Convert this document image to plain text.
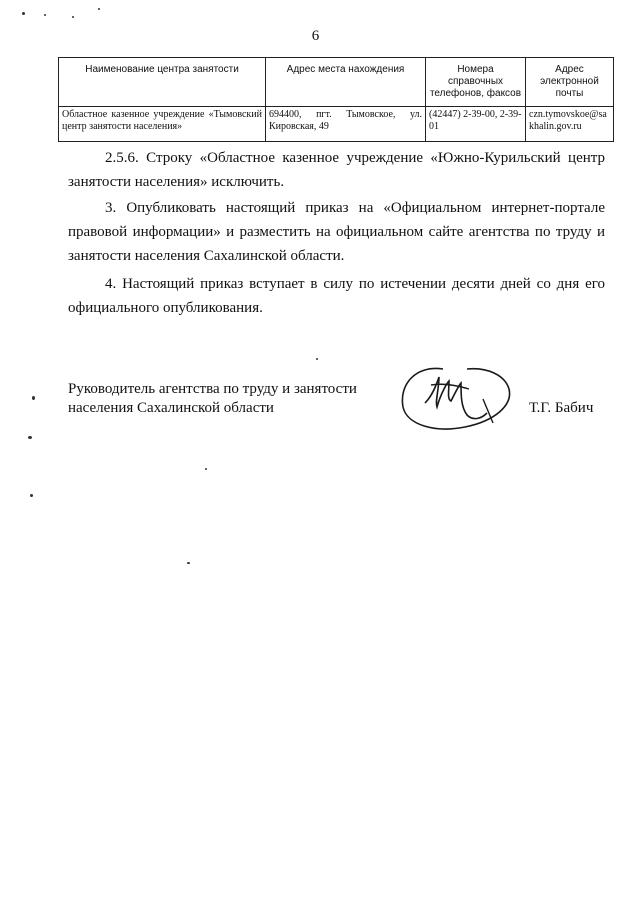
6
Наименование центра занятости	Адрес места нахождения	Номера справочных телефонов, факсов	Адрес электронной почты
Областное казенное учреждение «Тымовский центр занятости населения»	694400, пгт. Тымовское, ул. Кировская, 49	(42447) 2-39-00, 2-39-01	czn.tymovskoe@sakhalin.gov.ru
2.5.6. Строку «Областное казенное учреждение «Южно-Курильский центр занятости населения» исключить.
3. Опубликовать настоящий приказ на «Официальном интернет-портале правовой информации» и разместить на официальном сайте агентства по труду и занятости населения Сахалинской области.
4. Настоящий приказ вступает в силу по истечении десяти дней со дня его официального опубликования.
Руководитель агентства по труду и занятости
населения Сахалинской области	Т.Г. Бабич
